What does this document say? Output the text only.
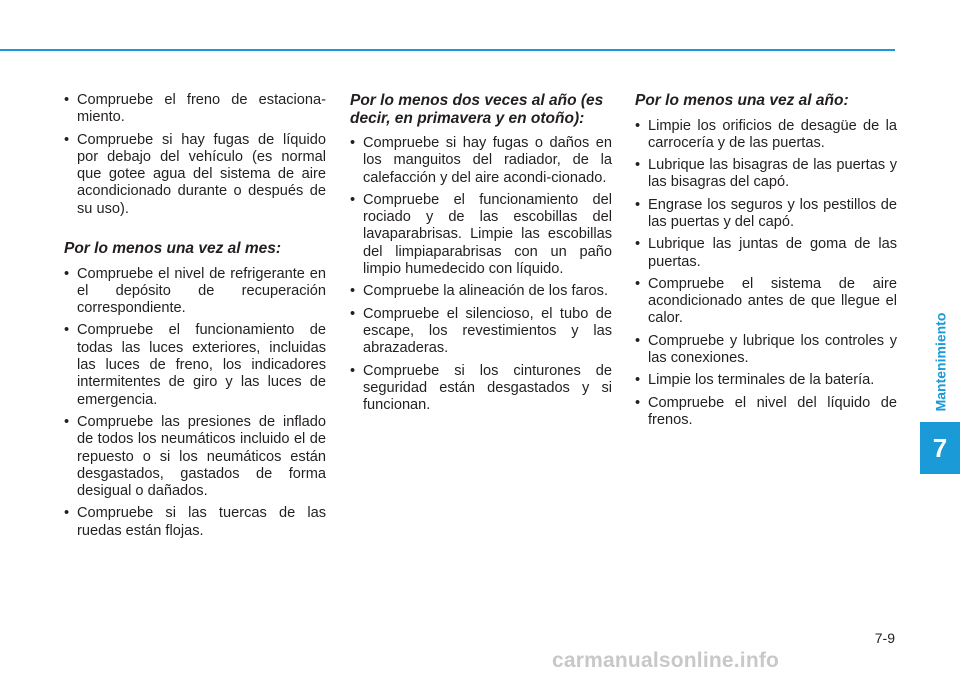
• Compruebe el freno de estaciona-miento.
• Compruebe si hay fugas de líquido por debajo del vehículo (es normal que gotee agua del sistema de aire acondicionado durante o después de su uso).
Por lo menos una vez al mes:
• Compruebe el nivel de refrigerante en el depósito de recuperación correspondiente.
• Compruebe el funcionamiento de todas las luces exteriores, incluidas las luces de freno, los indicadores intermitentes de giro y las luces de emergencia.
• Compruebe las presiones de inflado de todos los neumáticos incluido el de repuesto o si los neumáticos están desgastados, gastados de forma desigual o dañados.
• Compruebe si las tuercas de las ruedas están flojas.
Por lo menos dos veces al año (es decir, en primavera y en otoño):
• Compruebe si hay fugas o daños en los manguitos del radiador, de la calefacción y del aire acondi-cionado.
• Compruebe el funcionamiento del rociado y de las escobillas del lavaparabrisas. Limpie las escobillas del limpiaparabrisas con un paño limpio humedecido con líquido.
• Compruebe la alineación de los faros.
• Compruebe el silencioso, el tubo de escape, los revestimientos y las abrazaderas.
• Compruebe si los cinturones de seguridad están desgastados y si funcionan.
Por lo menos una vez al año:
• Limpie los orificios de desagüe de la carrocería y de las puertas.
• Lubrique las bisagras de las puertas y las bisagras del capó.
• Engrase los seguros y los pestillos de las puertas y del capó.
• Lubrique las juntas de goma de las puertas.
• Compruebe el sistema de aire acondicionado antes de que llegue el calor.
• Compruebe y lubrique los controles y las conexiones.
• Limpie los terminales de la batería.
• Compruebe el nivel del líquido de frenos.
Mantenimiento
7
7-9
carmanualsonline.info
